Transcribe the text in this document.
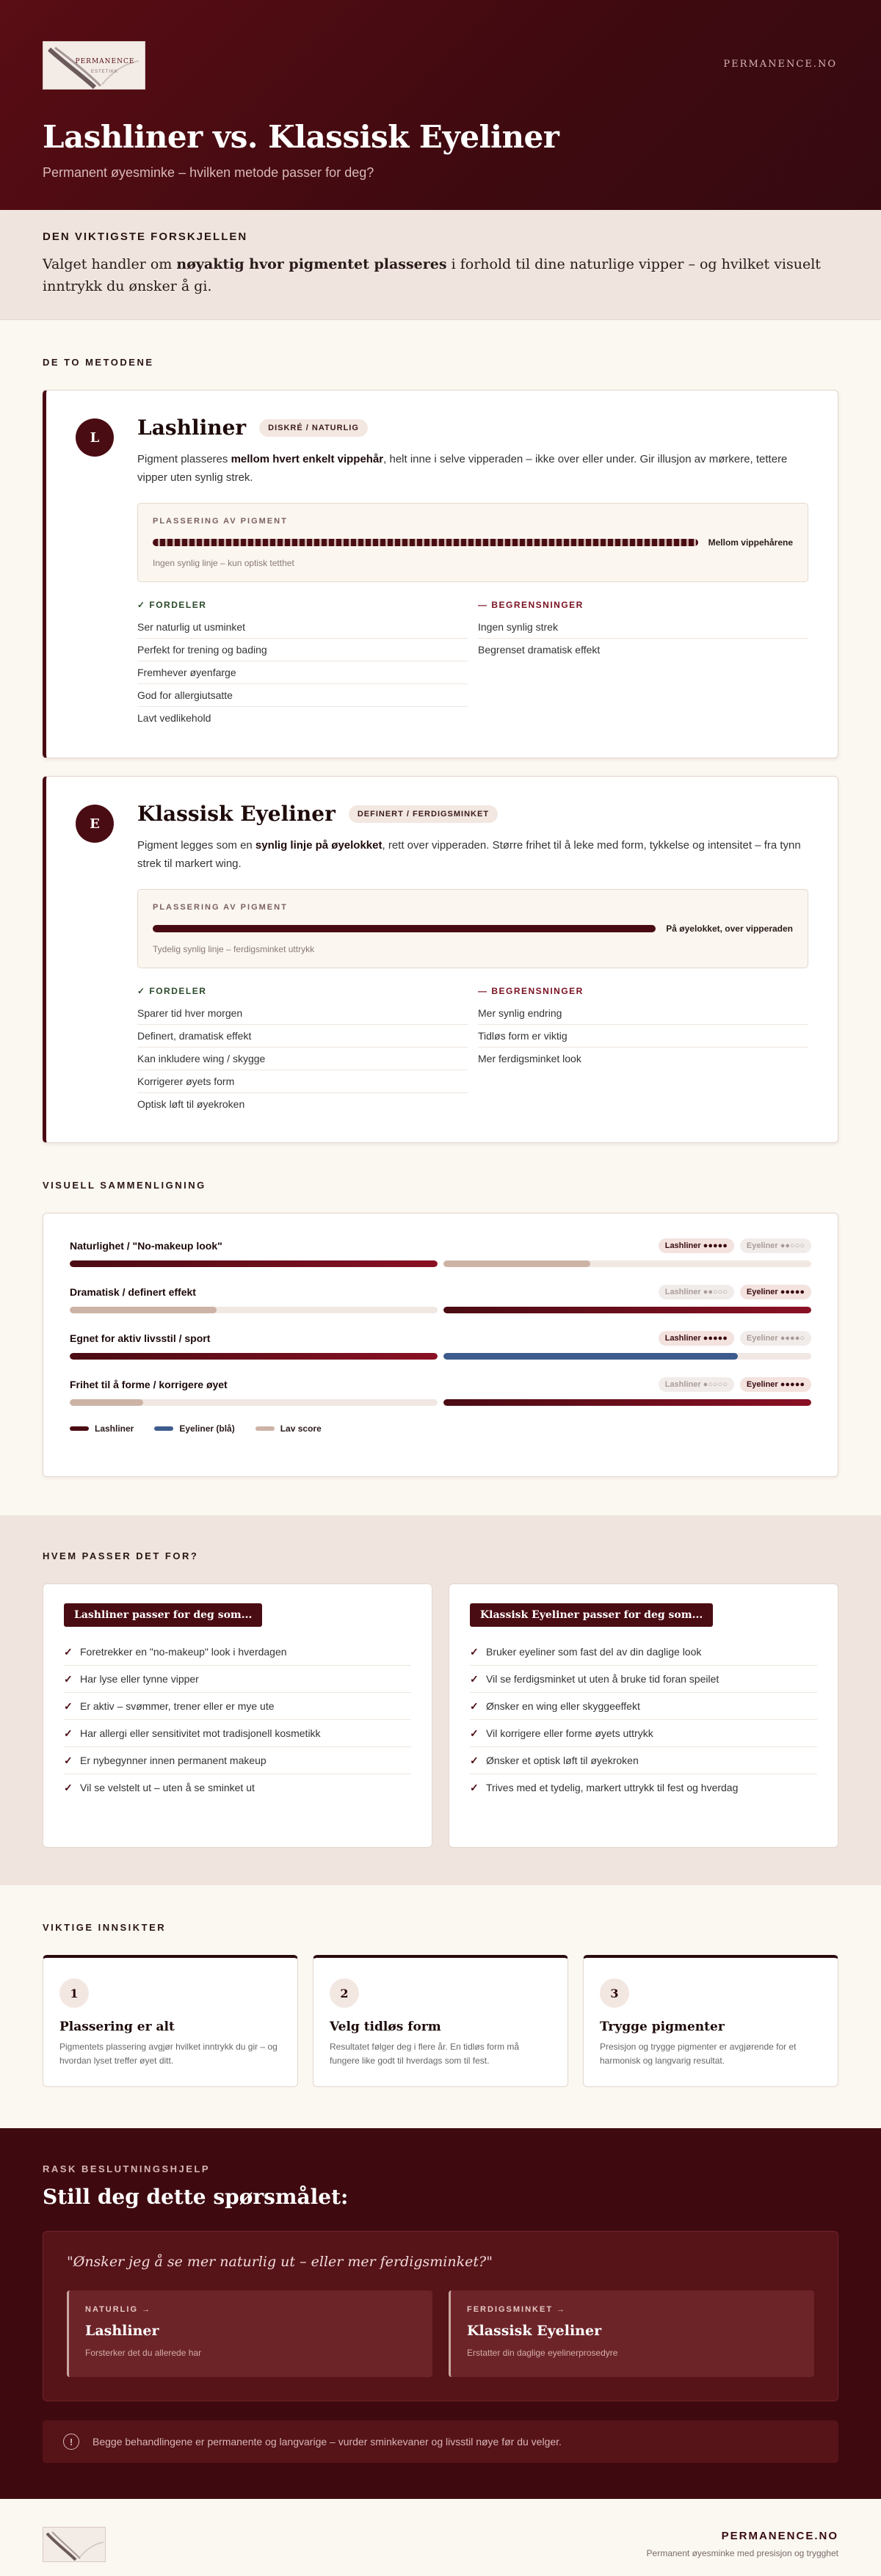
PERMANENCE
ESTETIKK
PERMANENCE.NO
Lashliner vs. Klassisk Eyeliner
Permanent øyesminke – hvilken metode passer for deg?
DEN VIKTIGSTE FORSKJELLEN

Valget handler om nøyaktig hvor pigmentet plasseres i forhold til dine naturlige vipper – og hvilket visuelt inntrykk du ønsker å gi.

DE TO METODENE
L	Lashliner	DISKRÉ / NATURLIG

Pigment plasseres mellom hvert enkelt vippehår, helt inne i selve vipperaden – ikke over eller under. Gir illusjon av mørkere, tettere vipper uten synlig strek.

PLASSERING AV PIGMENT
Mellom vippehårene
Ingen synlig linje – kun optisk tetthet
✓ FORDELER
Ser naturlig ut usminket
Perfekt for trening og bading
Fremhever øyenfarge
God for allergiutsatte
Lavt vedlikehold
— BEGRENSNINGER
Ingen synlig strek
Begrenset dramatisk effekt
E	Klassisk Eyeliner	DEFINERT / FERDIGSMINKET

Pigment legges som en synlig linje på øyelokket, rett over vipperaden. Større frihet til å leke med form, tykkelse og intensitet – fra tynn strek til markert wing.

PLASSERING AV PIGMENT
På øyelokket, over vipperaden
Tydelig synlig linje – ferdigsminket uttrykk
✓ FORDELER
Sparer tid hver morgen
Definert, dramatisk effekt
Kan inkludere wing / skygge
Korrigerer øyets form
Optisk løft til øyekroken
— BEGRENSNINGER
Mer synlig endring
Tidløs form er viktig
Mer ferdigsminket look
VISUELL SAMMENLIGNING
Naturlighet / "No-makeup look"	Lashliner ●●●●●	Eyeliner ●●○○○
Dramatisk / definert effekt	Lashliner ●●○○○	Eyeliner ●●●●●
Egnet for aktiv livsstil / sport	Lashliner ●●●●●	Eyeliner ●●●●○
Frihet til å forme / korrigere øyet	Lashliner ●○○○○	Eyeliner ●●●●●
Lashliner	Eyeliner (blå)	Lav score
HVEM PASSER DET FOR?
Lashliner passer for deg som...
✓ Foretrekker en "no-makeup" look i hverdagen
✓ Har lyse eller tynne vipper
✓ Er aktiv – svømmer, trener eller er mye ute
✓ Har allergi eller sensitivitet mot tradisjonell kosmetikk
✓ Er nybegynner innen permanent makeup
✓ Vil se velstelt ut – uten å se sminket ut
Klassisk Eyeliner passer for deg som...
✓ Bruker eyeliner som fast del av din daglige look
✓ Vil se ferdigsminket ut uten å bruke tid foran speilet
✓ Ønsker en wing eller skyggeeffekt
✓ Vil korrigere eller forme øyets uttrykk
✓ Ønsker et optisk løft til øyekroken
✓ Trives med et tydelig, markert uttrykk til fest og hverdag
VIKTIGE INNSIKTER
1
Plassering er alt

Pigmentets plassering avgjør hvilket inntrykk du gir – og hvordan lyset treffer øyet ditt.

2
Velg tidløs form

Resultatet følger deg i flere år. En tidløs form må fungere like godt til hverdags som til fest.

3
Trygge pigmenter

Presisjon og trygge pigmenter er avgjørende for et harmonisk og langvarig resultat.

RASK BESLUTNINGSHJELP
Still deg dette spørsmålet:
"Ønsker jeg å se mer naturlig ut – eller mer ferdigsminket?"
NATURLIG →
Lashliner

Forsterker det du allerede har

FERDIGSMINKET →
Klassisk Eyeliner

Erstatter din daglige eyelinerprosedyre

!	Begge behandlingene er permanente og langvarige – vurder sminkevaner og livsstil nøye før du velger.
PERMANENCE.NO
Permanent øyesminke med presisjon og trygghet
